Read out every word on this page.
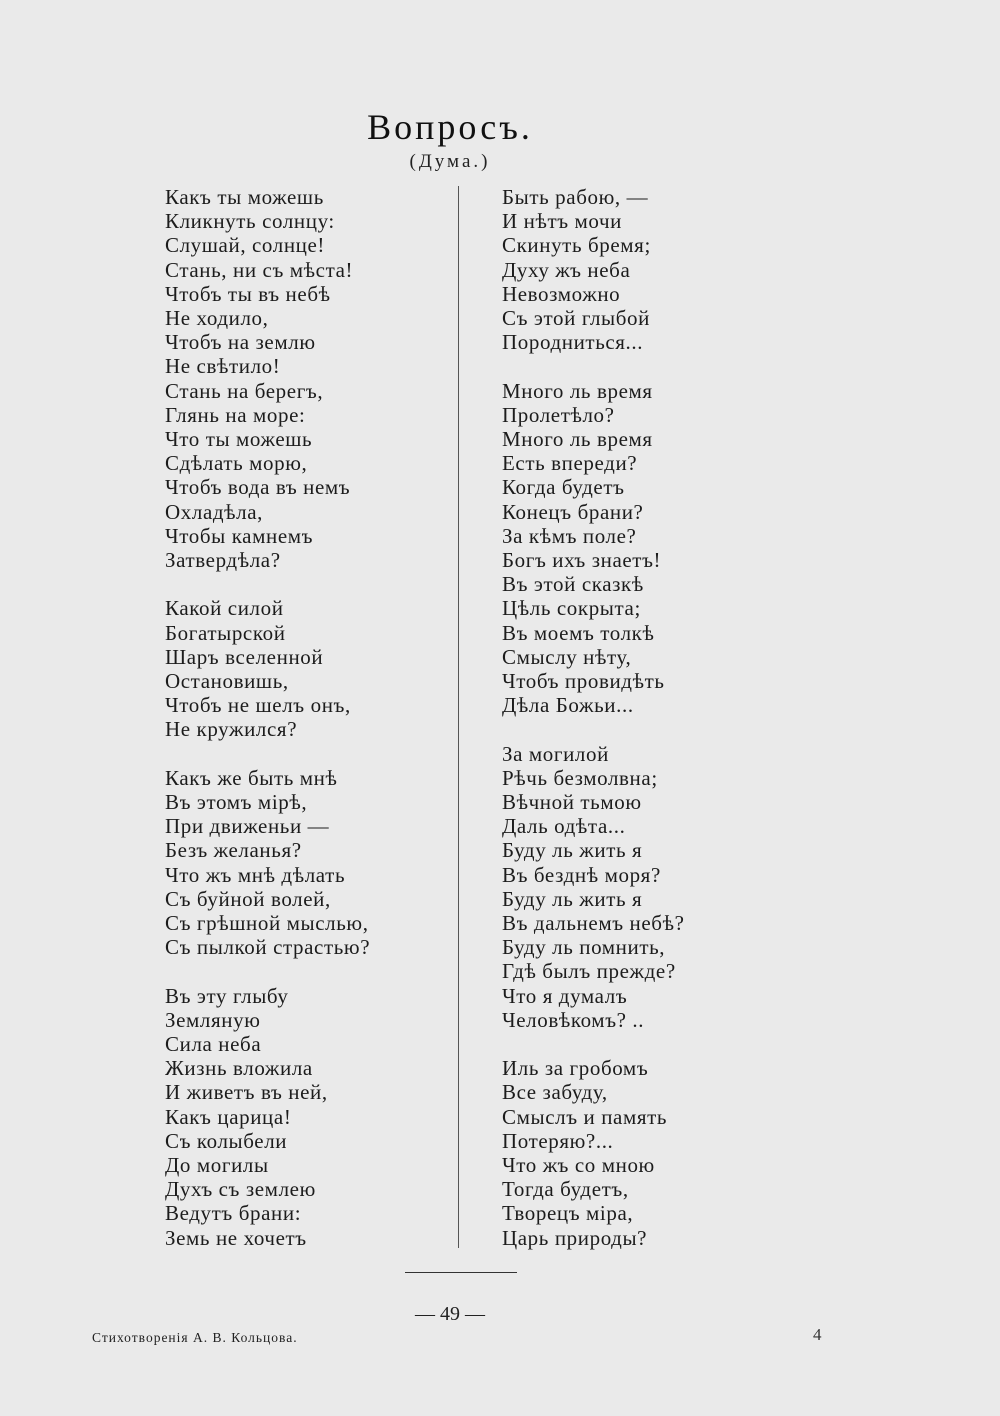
Вопросъ.
(Дума.)
Какъ ты можешь
Кликнуть солнцу:
Слушай, солнце!
Стань, ни съ мѣста!
Чтобъ ты въ небѣ
Не ходило,
Чтобъ на землю
Не свѣтило!
Стань на берегъ,
Глянь на море:
Что ты можешь
Сдѣлать морю,
Чтобъ вода въ немъ
Охладѣла,
Чтобы камнемъ
Затвердѣла?
Какой силой
Богатырской
Шаръ вселенной
Остановишь,
Чтобъ не шелъ онъ,
Не кружился?
Какъ же быть мнѣ
Въ этомъ мірѣ,
При движеньи —
Безъ желанья?
Что жъ мнѣ дѣлать
Съ буйной волей,
Съ грѣшной мыслью,
Съ пылкой страстью?
Въ эту глыбу
Земляную
Сила неба
Жизнь вложила
И живетъ въ ней,
Какъ царица!
Съ колыбели
До могилы
Духъ съ землею
Ведутъ брани:
Земь не хочетъ
Быть рабою, —
И нѣтъ мочи
Скинуть бремя;
Духу жъ неба
Невозможно
Съ этой глыбой
Породниться...
Много ль время
Пролетѣло?
Много ль время
Есть впереди?
Когда будетъ
Конецъ брани?
За кѣмъ поле?
Богъ ихъ знаетъ!
Въ этой сказкѣ
Цѣль сокрыта;
Въ моемъ толкѣ
Смыслу нѣту,
Чтобъ провидѣть
Дѣла Божьи...
За могилой
Рѣчь безмолвна;
Вѣчной тьмою
Даль одѣта...
Буду ль жить я
Въ безднѣ моря?
Буду ль жить я
Въ дальнемъ небѣ?
Буду ль помнить,
Гдѣ былъ прежде?
Что я думалъ
Человѣкомъ? ..
Иль за гробомъ
Все забуду,
Смыслъ и память
Потеряю?...
Что жъ со мною
Тогда будетъ,
Творецъ міра,
Царь природы?
— 49 —
Стихотворенія А. В. Кольцова.	4
